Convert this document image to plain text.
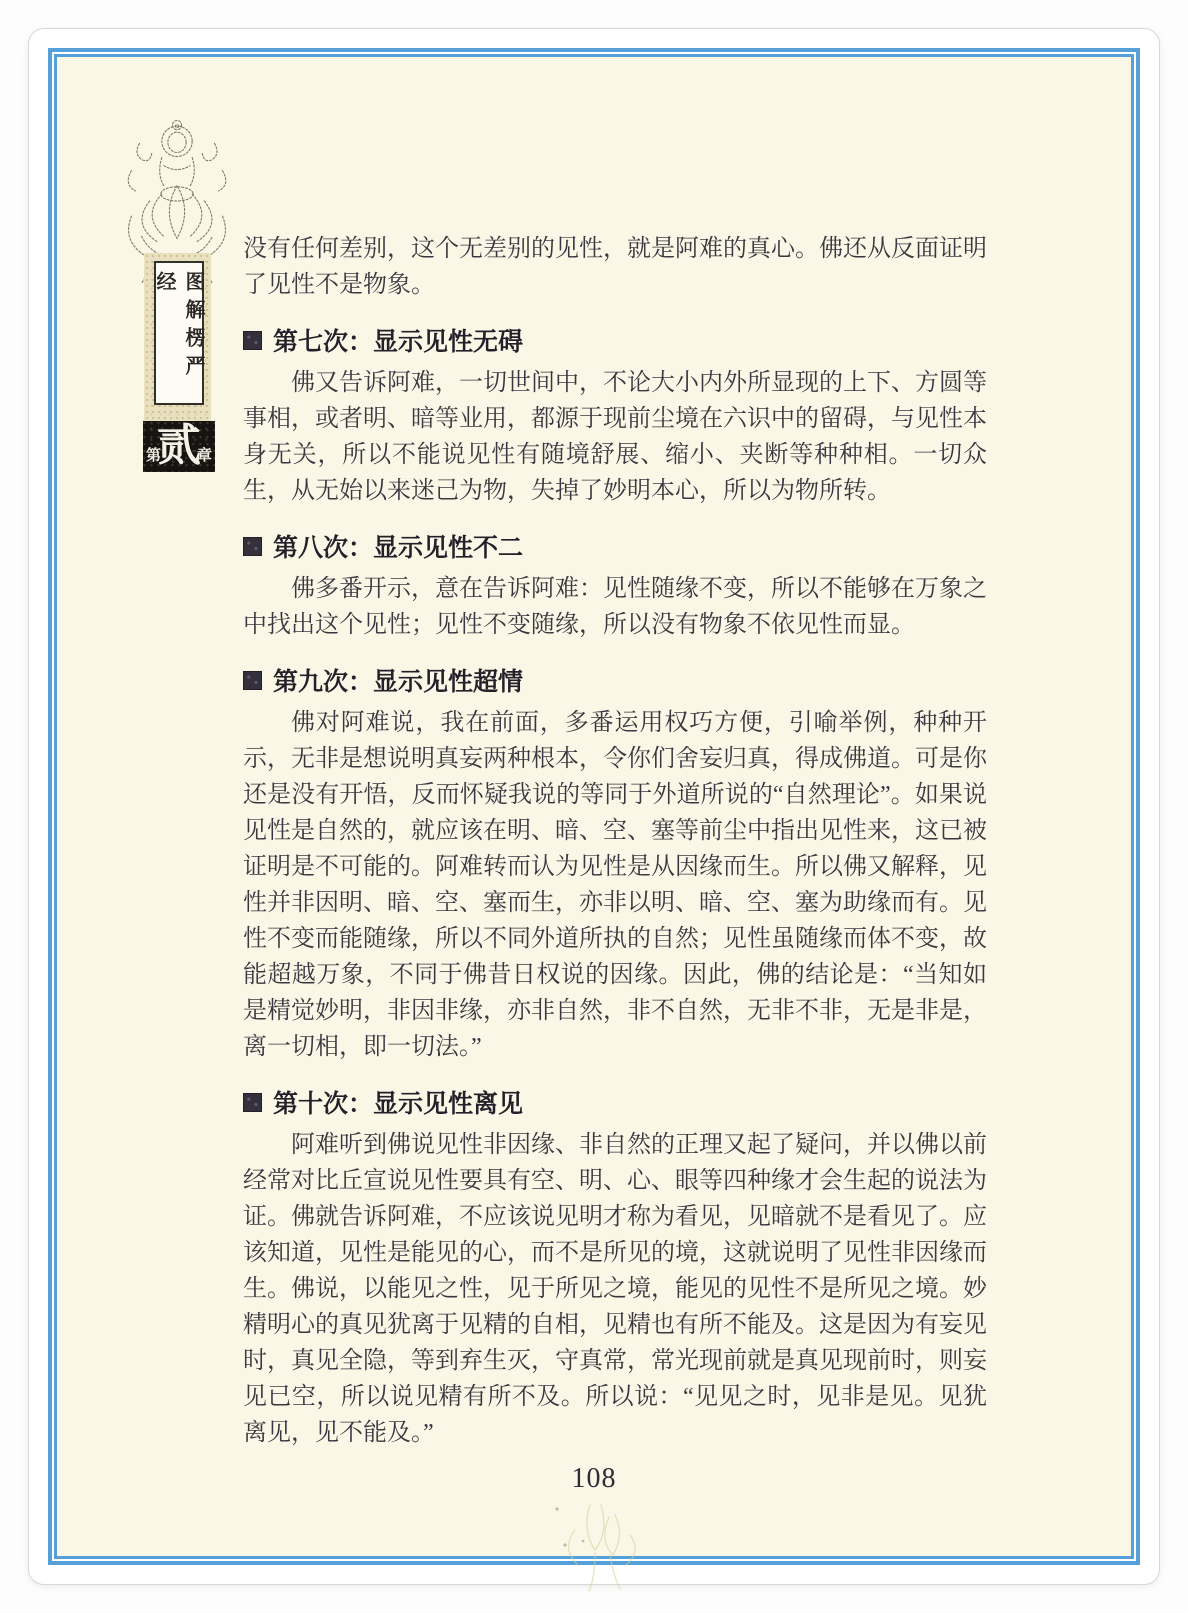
图解楞严经
第
贰
章

没有任何差别，这个无差别的见性，就是阿难的真心。佛还从反面证明了见性不是物象。

第七次：显示见性无碍

佛又告诉阿难，一切世间中，不论大小内外所显现的上下、方圆等事相，或者明、暗等业用，都源于现前尘境在六识中的留碍，与见性本身无关，所以不能说见性有随境舒展、缩小、夹断等种种相。一切众生，从无始以来迷己为物，失掉了妙明本心，所以为物所转。

第八次：显示见性不二

佛多番开示，意在告诉阿难：见性随缘不变，所以不能够在万象之中找出这个见性；见性不变随缘，所以没有物象不依见性而显。

第九次：显示见性超情

佛对阿难说，我在前面，多番运用权巧方便，引喻举例，种种开示，无非是想说明真妄两种根本，令你们舍妄归真，得成佛道。可是你还是没有开悟，反而怀疑我说的等同于外道所说的“自然理论”。如果说见性是自然的，就应该在明、暗、空、塞等前尘中指出见性来，这已被证明是不可能的。阿难转而认为见性是从因缘而生。所以佛又解释，见性并非因明、暗、空、塞而生，亦非以明、暗、空、塞为助缘而有。见性不变而能随缘，所以不同外道所执的自然；见性虽随缘而体不变，故能超越万象，不同于佛昔日权说的因缘。因此，佛的结论是：“当知如是精觉妙明，非因非缘，亦非自然，非不自然，无非不非，无是非是，离一切相，即一切法。”

第十次：显示见性离见

阿难听到佛说见性非因缘、非自然的正理又起了疑问，并以佛以前经常对比丘宣说见性要具有空、明、心、眼等四种缘才会生起的说法为证。佛就告诉阿难，不应该说见明才称为看见，见暗就不是看见了。应该知道，见性是能见的心，而不是所见的境，这就说明了见性非因缘而生。佛说，以能见之性，见于所见之境，能见的见性不是所见之境。妙精明心的真见犹离于见精的自相，见精也有所不能及。这是因为有妄见时，真见全隐，等到弃生灭，守真常，常光现前就是真见现前时，则妄见已空，所以说见精有所不及。所以说：“见见之时，见非是见。见犹离见，见不能及。”

108
